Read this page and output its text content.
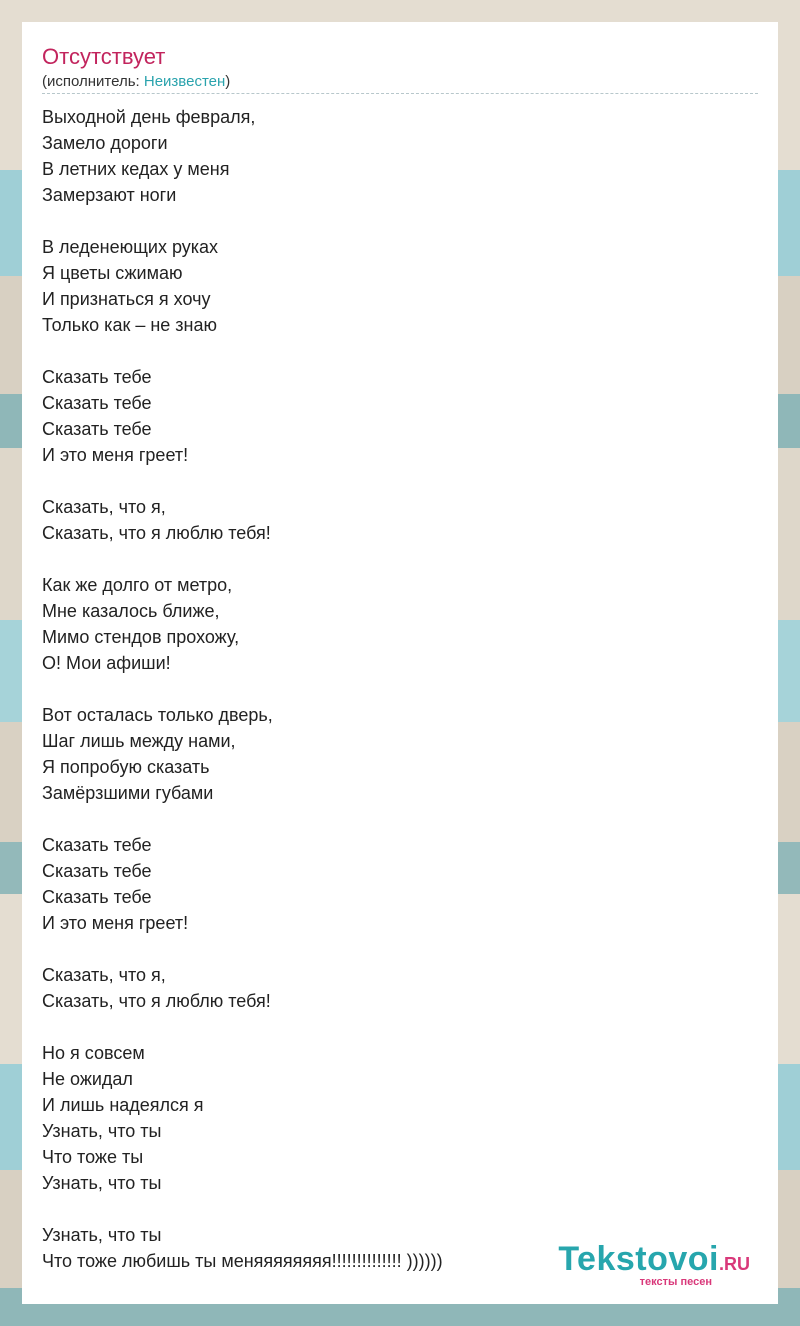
Отсутствует
(исполнитель: Неизвестен)
Выходной день февраля,
Замело дороги
В летних кедах у меня
Замерзают ноги
В леденеющих руках
Я цветы сжимаю
И признаться я хочу
Только как – не знаю
Сказать тебе
Сказать тебе
Сказать тебе
И это меня греет!
Сказать, что я,
Сказать, что я люблю тебя!
Как же долго от метро,
Мне казалось ближе,
Мимо стендов прохожу,
О! Мои афиши!
Вот осталась только дверь,
Шаг лишь между нами,
Я попробую сказать
Замёрзшими губами
Сказать тебе
Сказать тебе
Сказать тебе
И это меня греет!
Сказать, что я,
Сказать, что я люблю тебя!
Но я совсем
Не ожидал
И лишь надеялся я
Узнать, что ты
Что тоже ты
Узнать, что ты
Узнать, что ты
Что тоже любишь ты меняяяяяяяя!!!!!!!!!!!!!! ))))))	Tekstovoi.RU
тексты песен
